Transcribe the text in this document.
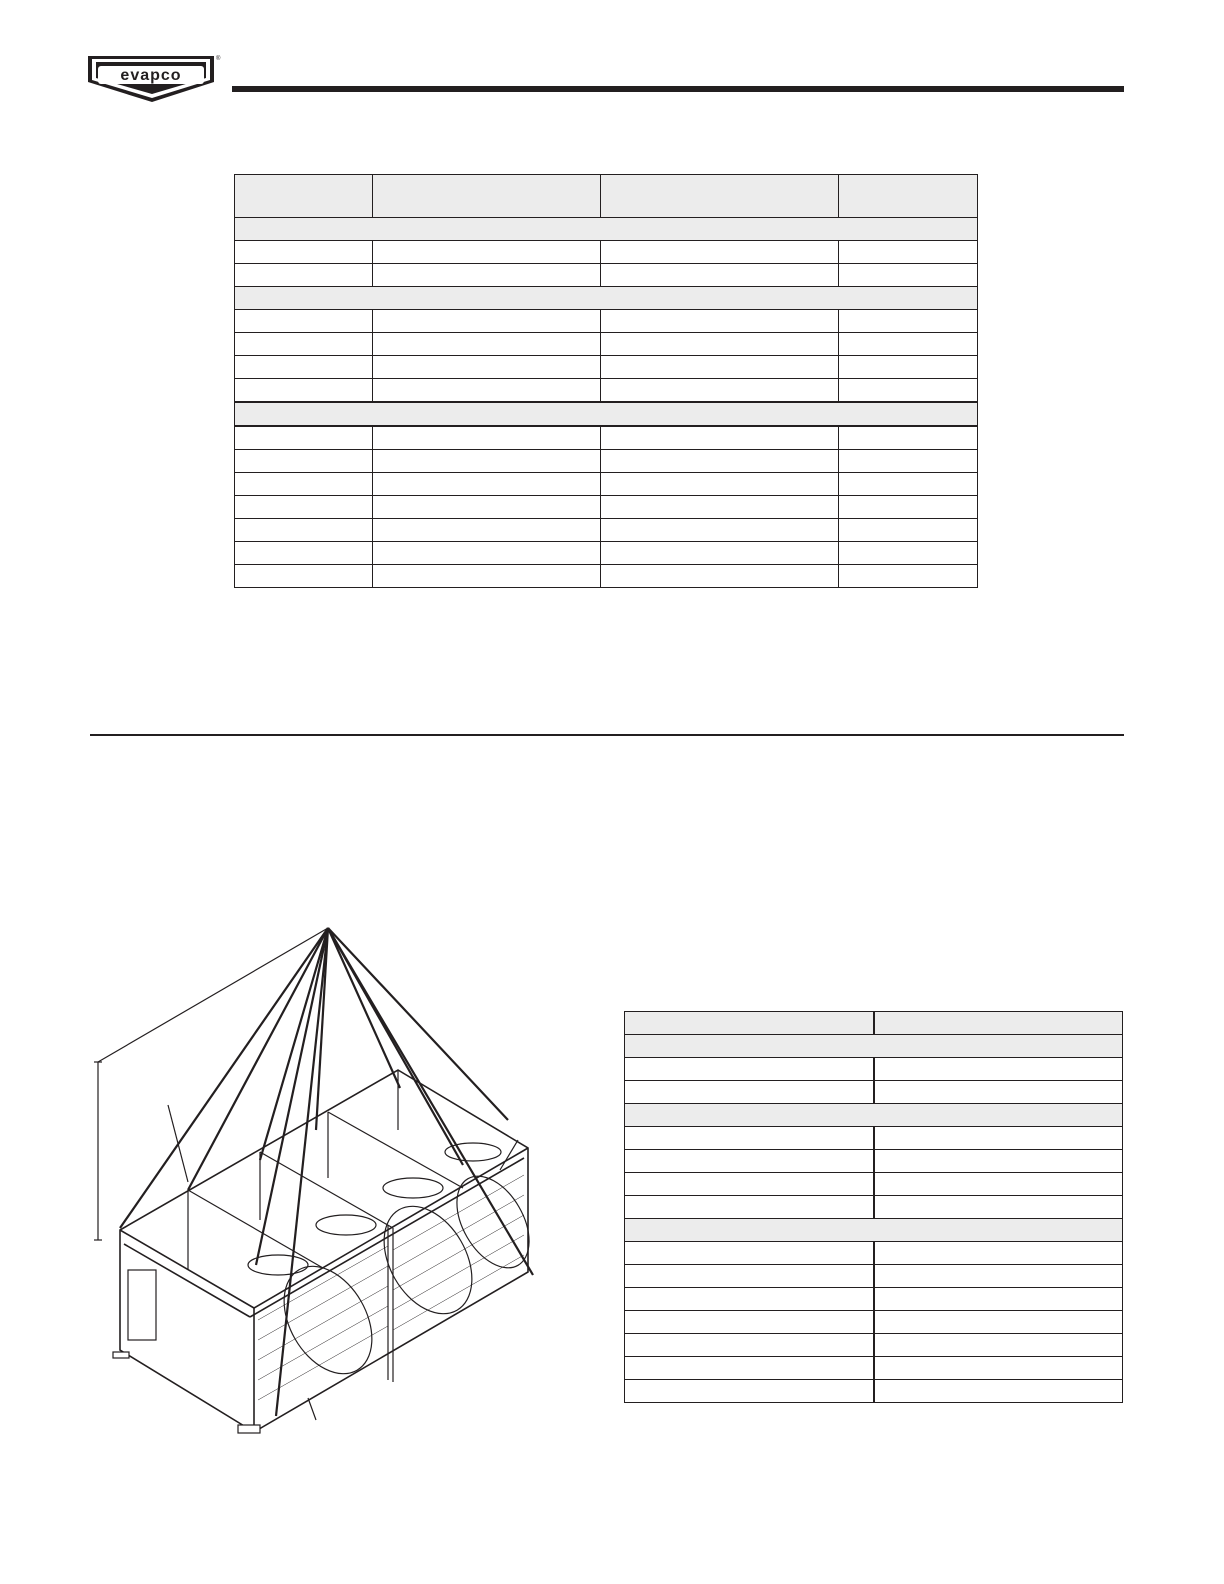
evapco
®
